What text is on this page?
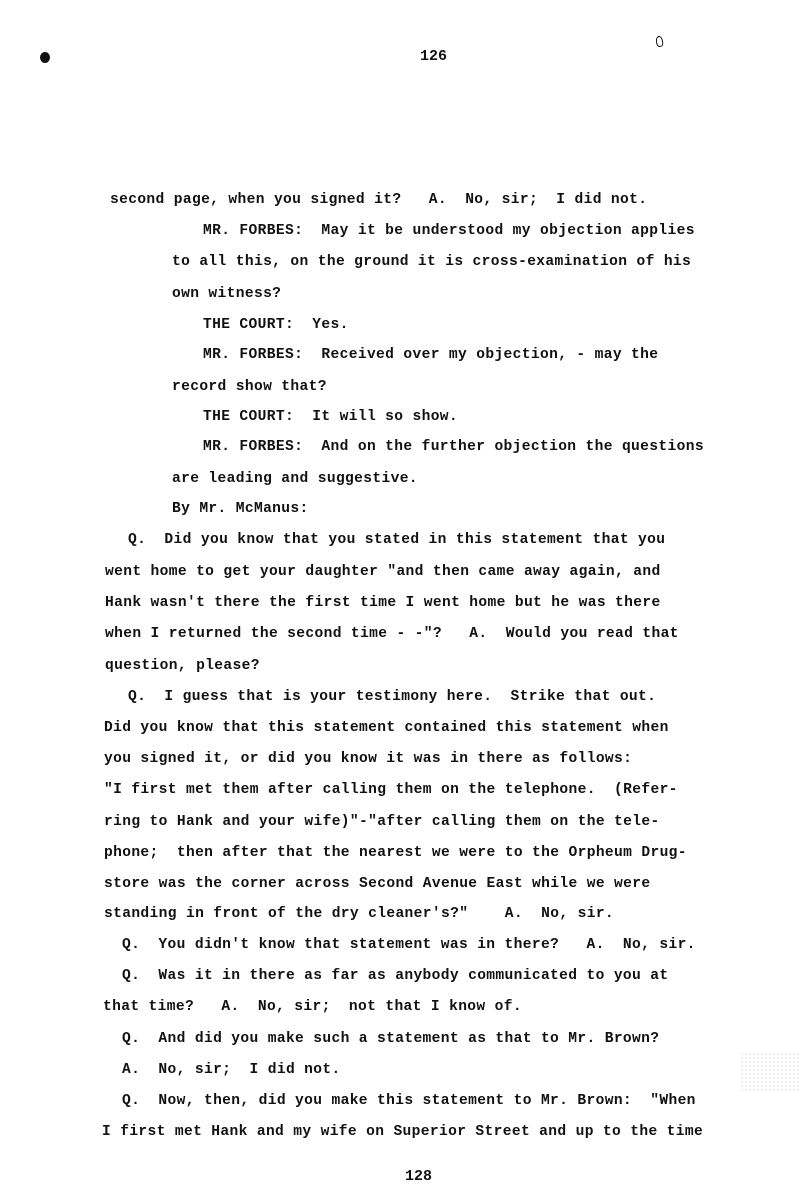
126
second page, when you signed it?   A.  No, sir;  I did not.
MR. FORBES:  May it be understood my objection applies
to all this, on the ground it is cross-examination of his
own witness?
THE COURT:  Yes.
MR. FORBES:  Received over my objection, - may the
record show that?
THE COURT:  It will so show.
MR. FORBES:  And on the further objection the questions
are leading and suggestive.
By Mr. McManus:
Q.  Did you know that you stated in this statement that you
went home to get your daughter "and then came away again, and
Hank wasn't there the first time I went home but he was there
when I returned the second time - -"?   A.  Would you read that
question, please?
Q.  I guess that is your testimony here.  Strike that out.
Did you know that this statement contained this statement when
you signed it, or did you know it was in there as follows:
"I first met them after calling them on the telephone.  (Refer-
ring to Hank and your wife)"-"after calling them on the tele-
phone;  then after that the nearest we were to the Orpheum Drug-
store was the corner across Second Avenue East while we were
standing in front of the dry cleaner's?"    A.  No, sir.
Q.  You didn't know that statement was in there?   A.  No, sir.
Q.  Was it in there as far as anybody communicated to you at
that time?   A.  No, sir;  not that I know of.
Q.  And did you make such a statement as that to Mr. Brown?
A.  No, sir;  I did not.
Q.  Now, then, did you make this statement to Mr. Brown:  "When
I first met Hank and my wife on Superior Street and up to the time
128
